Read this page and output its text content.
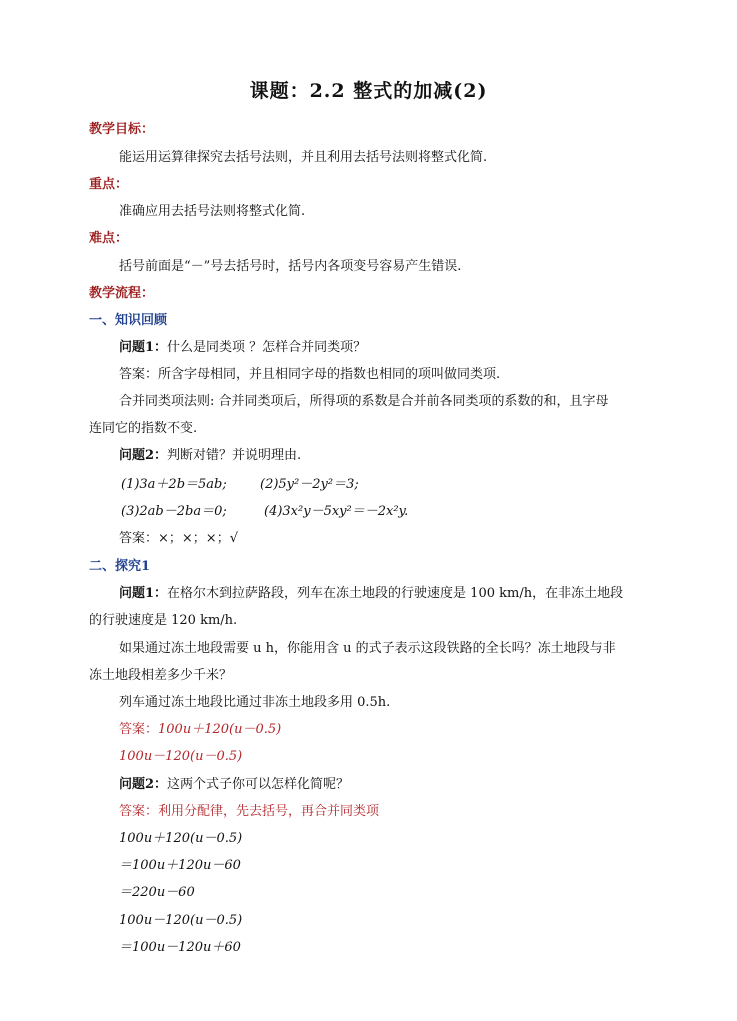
课题：2.2 整式的加减(2)
教学目标：
能运用运算律探究去括号法则，并且利用去括号法则将整式化简.
重点：
准确应用去括号法则将整式化简.
难点：
括号前面是“－”号去括号时，括号内各项变号容易产生错误.
教学流程：
一、知识回顾
问题1：什么是同类项 ？怎样合并同类项？
答案：所含字母相同，并且相同字母的指数也相同的项叫做同类项.
合并同类项法则: 合并同类项后，所得项的系数是合并前各同类项的系数的和，且字母
连同它的指数不变.
问题2：判断对错？并说明理由.
(1)3a＋2b＝5ab;	(2)5y²－2y²＝3;
(3)2ab－2ba＝0;	(4)3x²y－5xy²＝－2x²y.
答案：×；×；×；√
二、探究1
问题1：在格尔木到拉萨路段，列车在冻土地段的行驶速度是 100 km/h，在非冻土地段
的行驶速度是 120 km/h.
如果通过冻土地段需要 u h，你能用含 u 的式子表示这段铁路的全长吗？冻土地段与非
冻土地段相差多少千米？
列车通过冻土地段比通过非冻土地段多用 0.5h.
答案：100u＋120(u－0.5)
100u－120(u－0.5)
问题2：这两个式子你可以怎样化简呢？
答案：利用分配律，先去括号，再合并同类项
100u＋120(u－0.5)
＝100u＋120u－60
＝220u－60
100u－120(u－0.5)
＝100u－120u＋60
